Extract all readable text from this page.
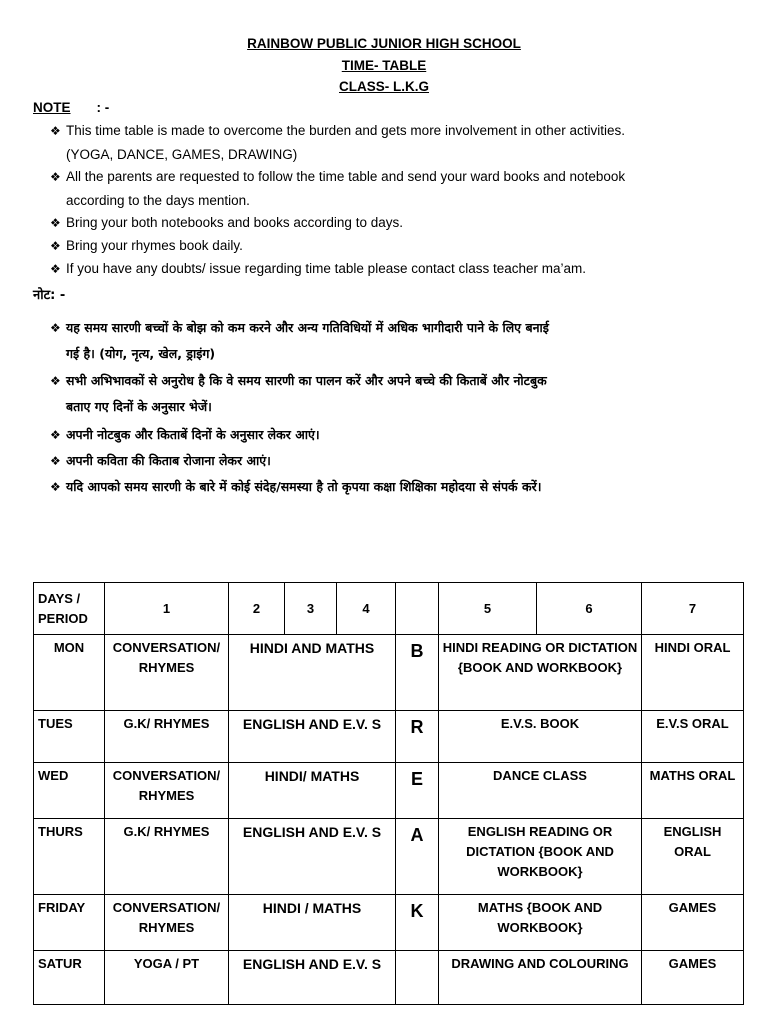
RAINBOW PUBLIC JUNIOR HIGH SCHOOL
TIME- TABLE
CLASS- L.K.G
NOTE : -
❖ This time table is made to overcome the burden and gets more involvement in other activities.
(YOGA, DANCE, GAMES, DRAWING)
❖ All the parents are requested to follow the time table and send your ward books and notebook
according to the days mention.
❖ Bring your both notebooks and books according to days.
❖ Bring your rhymes book daily.
❖ If you have any doubts/ issue regarding time table please contact class teacher ma’am.
नोट: -
❖ यह समय सारणी बच्चों के बोझ को कम करने और अन्य गतिविधियों में अधिक भागीदारी पाने के लिए बनाई
गई है। (योग, नृत्य, खेल, ड्राइंग)
❖ सभी अभिभावकों से अनुरोध है कि वे समय सारणी का पालन करें और अपने बच्चे की किताबें और नोटबुक
बताए गए दिनों के अनुसार भेजें।
❖ अपनी नोटबुक और किताबें दिनों के अनुसार लेकर आएं।
❖ अपनी कविता की किताब रोजाना लेकर आएं।
❖ यदि आपको समय सारणी के बारे में कोई संदेह/समस्या है तो कृपया कक्षा शिक्षिका महोदया से संपर्क करें।
DAYS / PERIOD	1	2	3	4		5	6	7
MON	CONVERSATION/ RHYMES	HINDI AND MATHS			B	HINDI READING OR DICTATION {BOOK AND WORKBOOK}		HINDI ORAL
TUES	G.K/ RHYMES	ENGLISH AND E.V. S			R	E.V.S. BOOK		E.V.S ORAL
WED	CONVERSATION/ RHYMES	HINDI/ MATHS			E	DANCE CLASS		MATHS ORAL
THURS	G.K/ RHYMES	ENGLISH AND E.V. S			A	ENGLISH READING OR DICTATION {BOOK AND WORKBOOK}		ENGLISH ORAL
FRIDAY	CONVERSATION/ RHYMES	HINDI / MATHS			K	MATHS {BOOK AND WORKBOOK}		GAMES
SATUR	YOGA / PT	ENGLISH AND E.V. S				DRAWING AND COLOURING		GAMES
